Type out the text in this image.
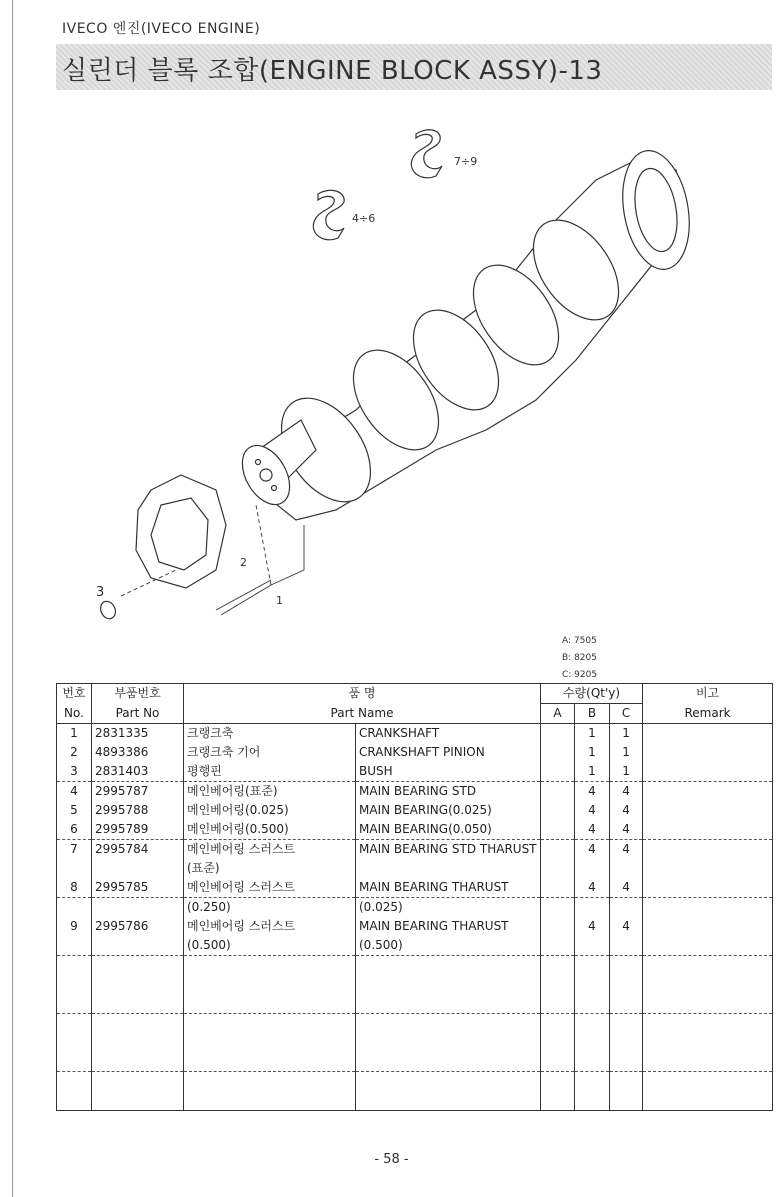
IVECO 엔진(IVECO ENGINE)
실린더 블록 조합(ENGINE BLOCK ASSY)-13
7÷9
4÷6
3
2
1
A: 7505
B: 8205
C: 9205
번호	부품번호	품 명		수량(Qt'y)			비고
No.	Part No	Part Name		A	B	C	Remark
1	2831335	크랭크축	CRANKSHAFT		1	1	
2	4893386	크랭크축 기어	CRANKSHAFT PINION		1	1	
3	2831403	평행핀	BUSH		1	1	
4	2995787	메인베어링(표준)	MAIN BEARING STD		4	4	
5	2995788	메인베어링(0.025)	MAIN BEARING(0.025)		4	4	
6	2995789	메인베어링(0.500)	MAIN BEARING(0.050)		4	4	
7	2995784	메인베어링 스러스트	MAIN BEARING STD THARUST		4	4	
		(표준)					
8	2995785	메인베어링 스러스트	MAIN BEARING THARUST		4	4	
		(0.250)	(0.025)				
9	2995786	메인베어링 스러스트	MAIN BEARING THARUST		4	4	
		(0.500)	(0.500)				

- 58 -
